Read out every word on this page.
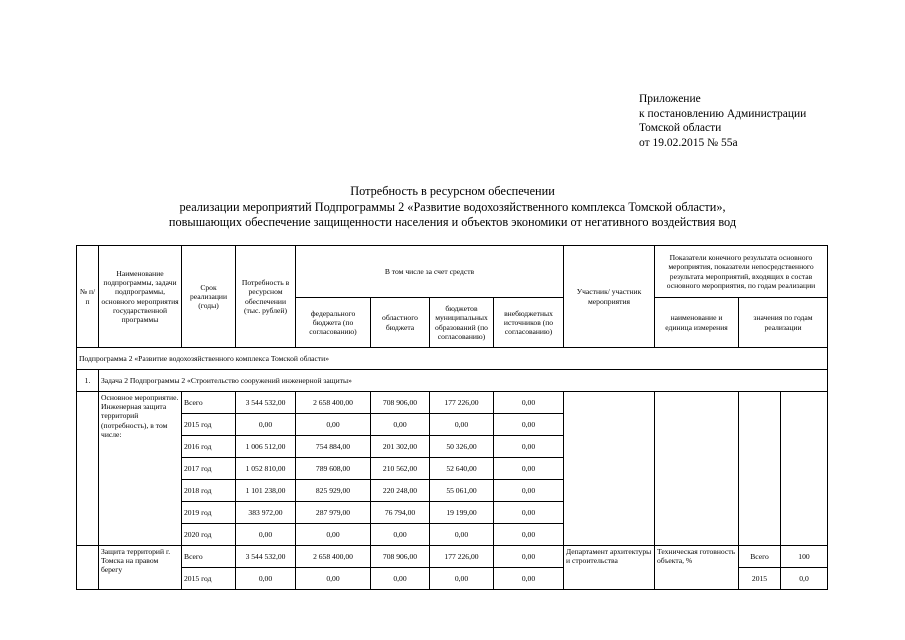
Приложение
к постановлению Администрации
Томской области
от 19.02.2015 № 55а
Потребность в ресурсном обеспечении
реализации мероприятий Подпрограммы 2 «Развитие водохозяйственного комплекса Томской области»,
повышающих обеспечение защищенности населения и объектов экономики от негативного воздействия вод
№ п/п	Наименование подпрограммы, задачи подпрограммы, основного мероприятия государственной программы	Срок реализации (годы)	Потребность в ресурсном обеспечении (тыс. рублей)	В том числе за счет средств				Участник/ участник мероприятия	Показатели конечного результата основного мероприятия, показатели непосредственного результата мероприятий, входящих в состав основного мероприятия, по годам реализации		
				федерального бюджета (по согласованию)	областного бюджета	бюджетов муниципальных образований (по согласованию)	внебюджетных источников (по согласованию)		наименование и единица измерения	значения по годам реализации	
Подпрограмма 2 «Развитие водохозяйственного комплекса Томской области»											
1.	Задача 2 Подпрограммы 2 «Строительство сооружений инженерной защиты»										
	Основное мероприятие. Инженерная защита территорий (потребность), в том числе:	Всего	3 544 532,00	2 658 400,00	708 906,00	177 226,00	0,00				
		2015 год	0,00	0,00	0,00	0,00	0,00				
		2016 год	1 006 512,00	754 884,00	201 302,00	50 326,00	0,00				
		2017 год	1 052 810,00	789 608,00	210 562,00	52 640,00	0,00				
		2018 год	1 101 238,00	825 929,00	220 248,00	55 061,00	0,00				
		2019 год	383 972,00	287 979,00	76 794,00	19 199,00	0,00				
		2020 год	0,00	0,00	0,00	0,00	0,00				
	Защита территорий г. Томска на правом берегу	Всего	3 544 532,00	2 658 400,00	708 906,00	177 226,00	0,00	Департамент архитектуры и строительства	Техническая готовность объекта, %	Всего	100
		2015 год	0,00	0,00	0,00	0,00	0,00			2015	0,0
